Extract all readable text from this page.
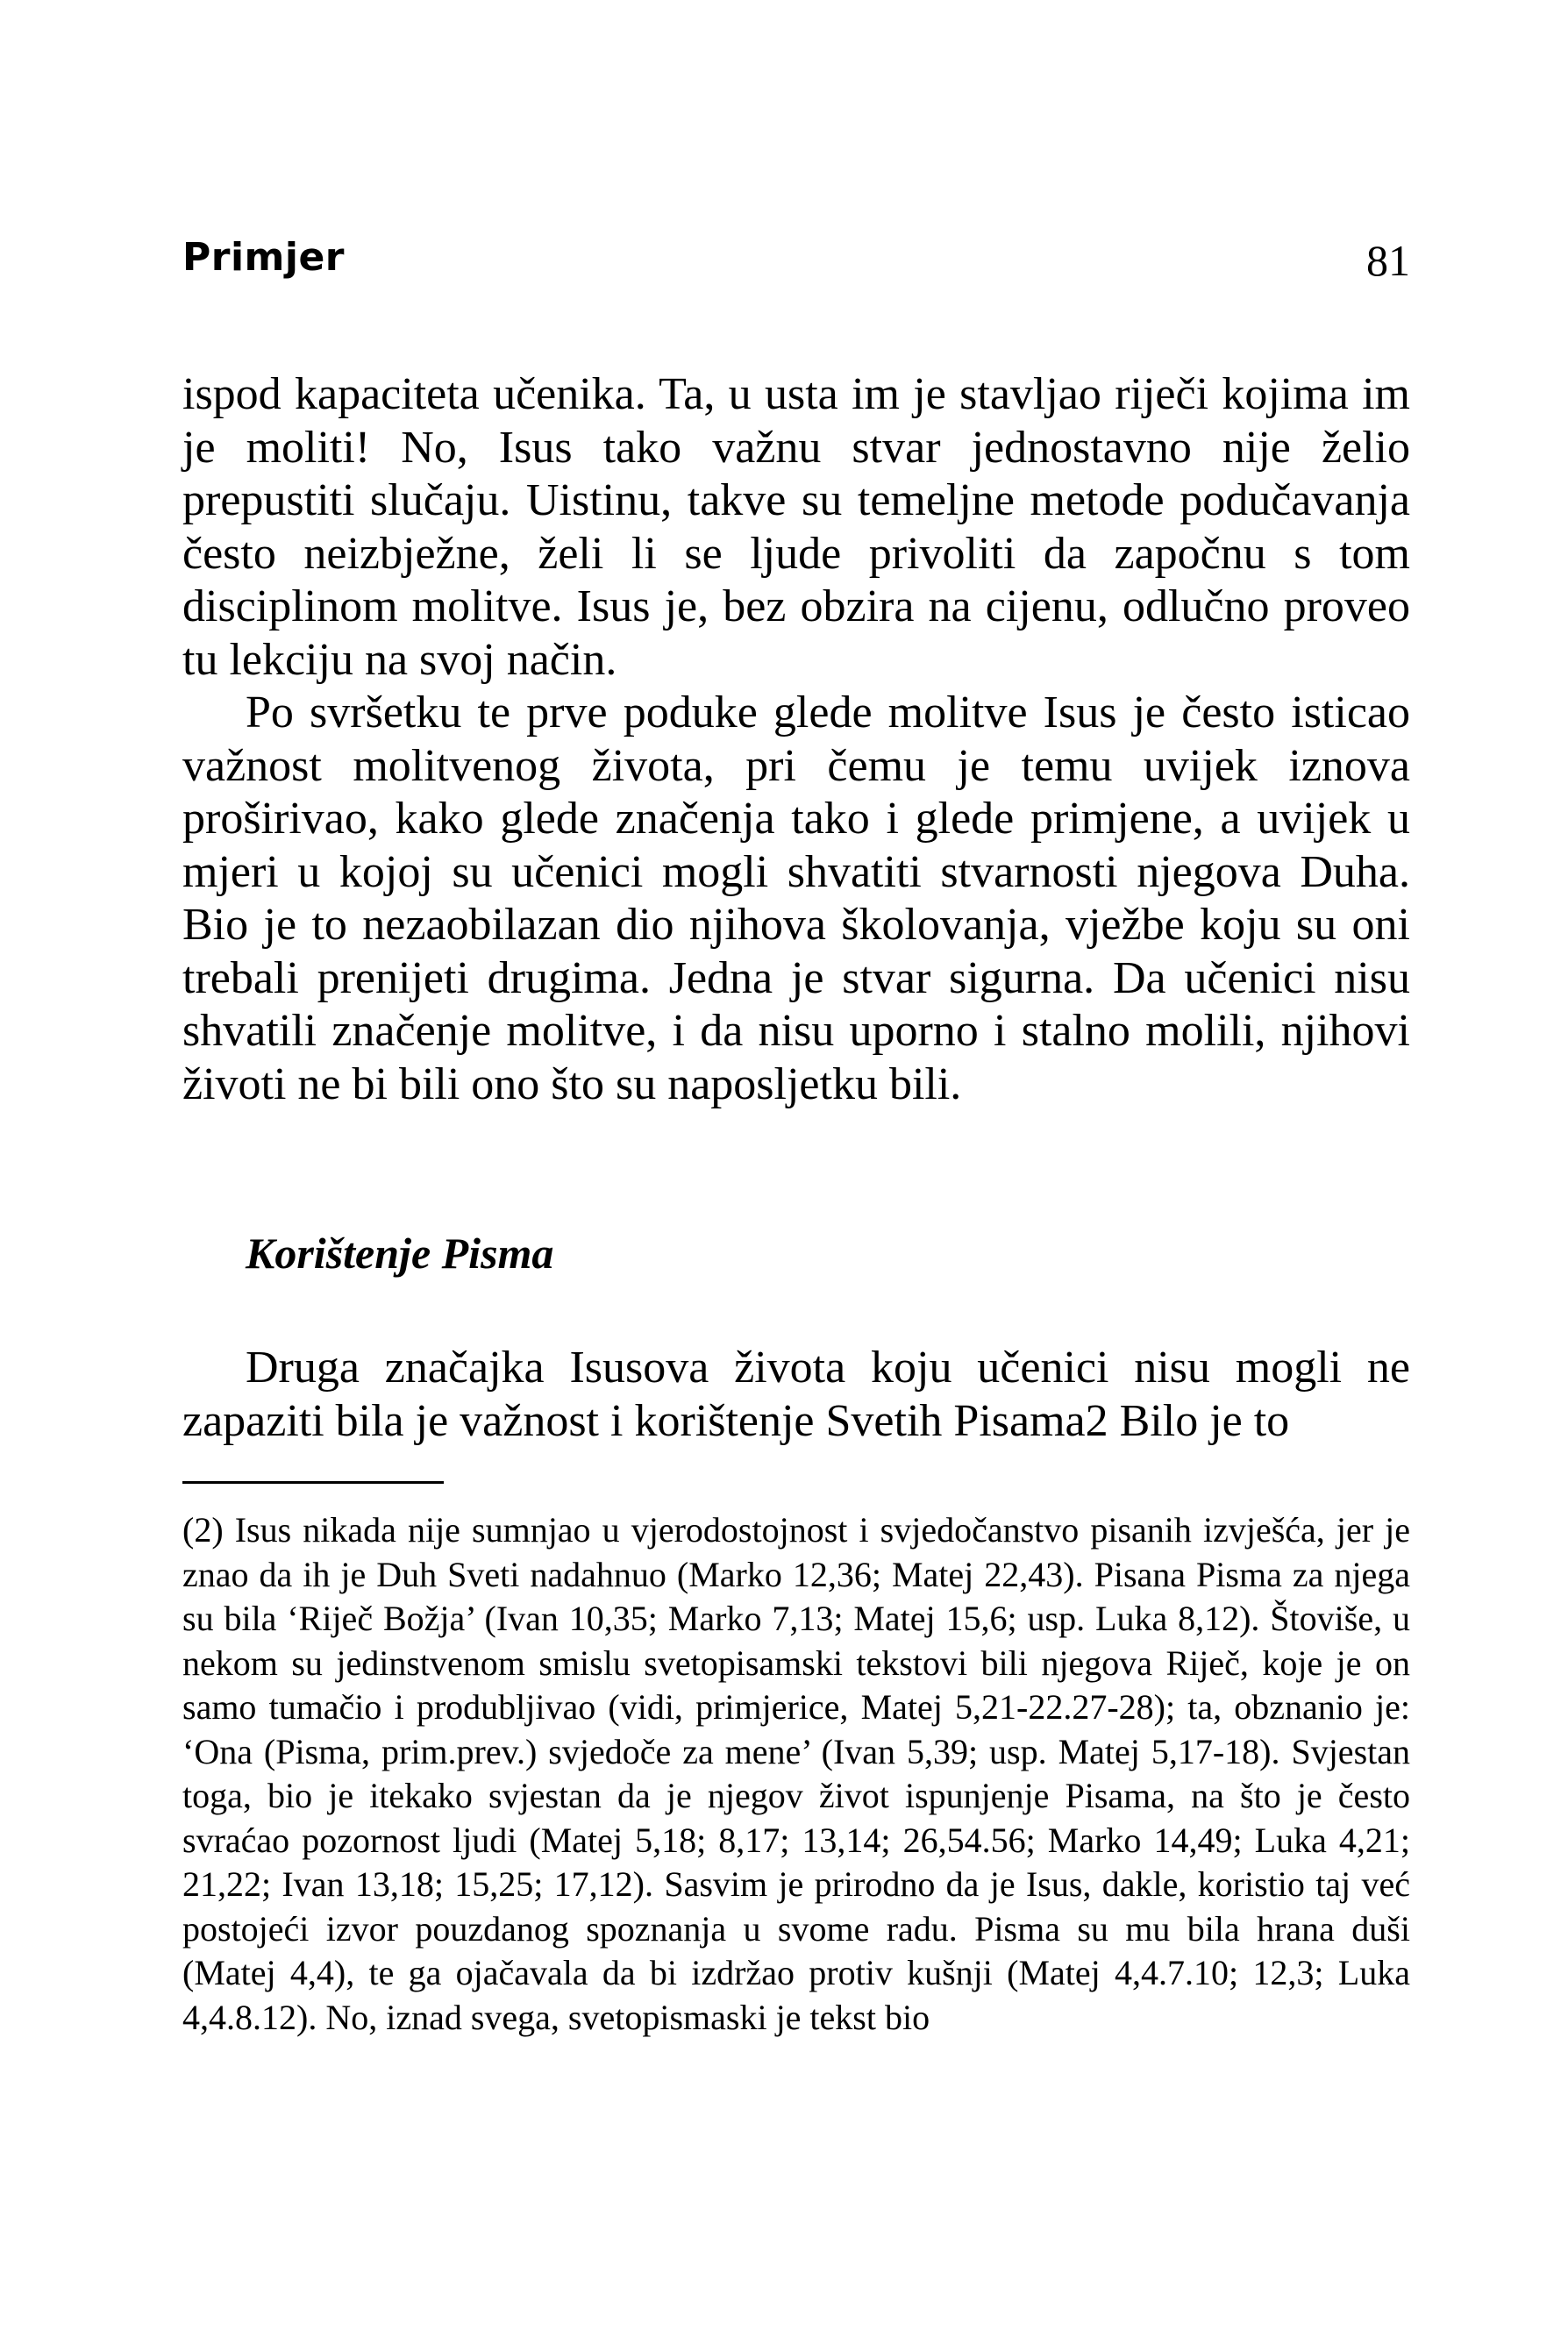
Primjer	81

ispod kapaciteta učenika. Ta, u usta im je stavljao riječi kojima im je moliti! No, Isus tako važnu stvar jednostavno nije želio prepustiti slučaju. Uistinu, takve su temeljne metode podučavanja često neizbježne, želi li se ljude privoliti da započnu s tom disciplinom molitve. Isus je, bez obzira na cijenu, odlučno proveo tu lekciju na svoj način.

Po svršetku te prve poduke glede molitve Isus je često isticao važnost molitvenog života, pri čemu je temu uvijek iznova proširivao, kako glede značenja tako i glede primjene, a uvijek u mjeri u kojoj su učenici mogli shvatiti stvarnosti njegova Duha. Bio je to nezaobilazan dio njihova školovanja, vježbe koju su oni trebali prenijeti drugima. Jedna je stvar sigurna. Da učenici nisu shvatili značenje molitve, i da nisu uporno i stalno molili, njihovi životi ne bi bili ono što su naposljetku bili.

Korištenje Pisma

Druga značajka Isusova života koju učenici nisu mogli ne zapaziti bila je važnost i korištenje Svetih Pisama2 Bilo je to

(2) Isus nikada nije sumnjao u vjerodostojnost i svjedočanstvo pisanih izvješća, jer je znao da ih je Duh Sveti nadahnuo (Marko 12,36; Matej 22,43). Pisana Pisma za njega su bila ‘Riječ Božja’ (Ivan 10,35; Marko 7,13; Matej 15,6; usp. Luka 8,12). Štoviše, u nekom su jedinstvenom smislu svetopisamski tekstovi bili njegova Riječ, koje je on samo tumačio i produbljivao (vidi, primjerice, Matej 5,21-22.27-28); ta, obznanio je: ‘Ona (Pisma, prim.prev.) svjedoče za mene’ (Ivan 5,39; usp. Matej 5,17-18). Svjestan toga, bio je itekako svjestan da je njegov život ispunjenje Pisama, na što je često svraćao pozornost ljudi (Matej 5,18; 8,17; 13,14; 26,54.56; Marko 14,49; Luka 4,21; 21,22; Ivan 13,18; 15,25; 17,12). Sasvim je prirodno da je Isus, dakle, koristio taj već postojeći izvor pouzdanog spoznanja u svome radu. Pisma su mu bila hrana duši (Matej 4,4), te ga ojačavala da bi izdržao protiv kušnji (Matej 4,4.7.10; 12,3; Luka 4,4.8.12). No, iznad svega, svetopismaski je tekst bio
